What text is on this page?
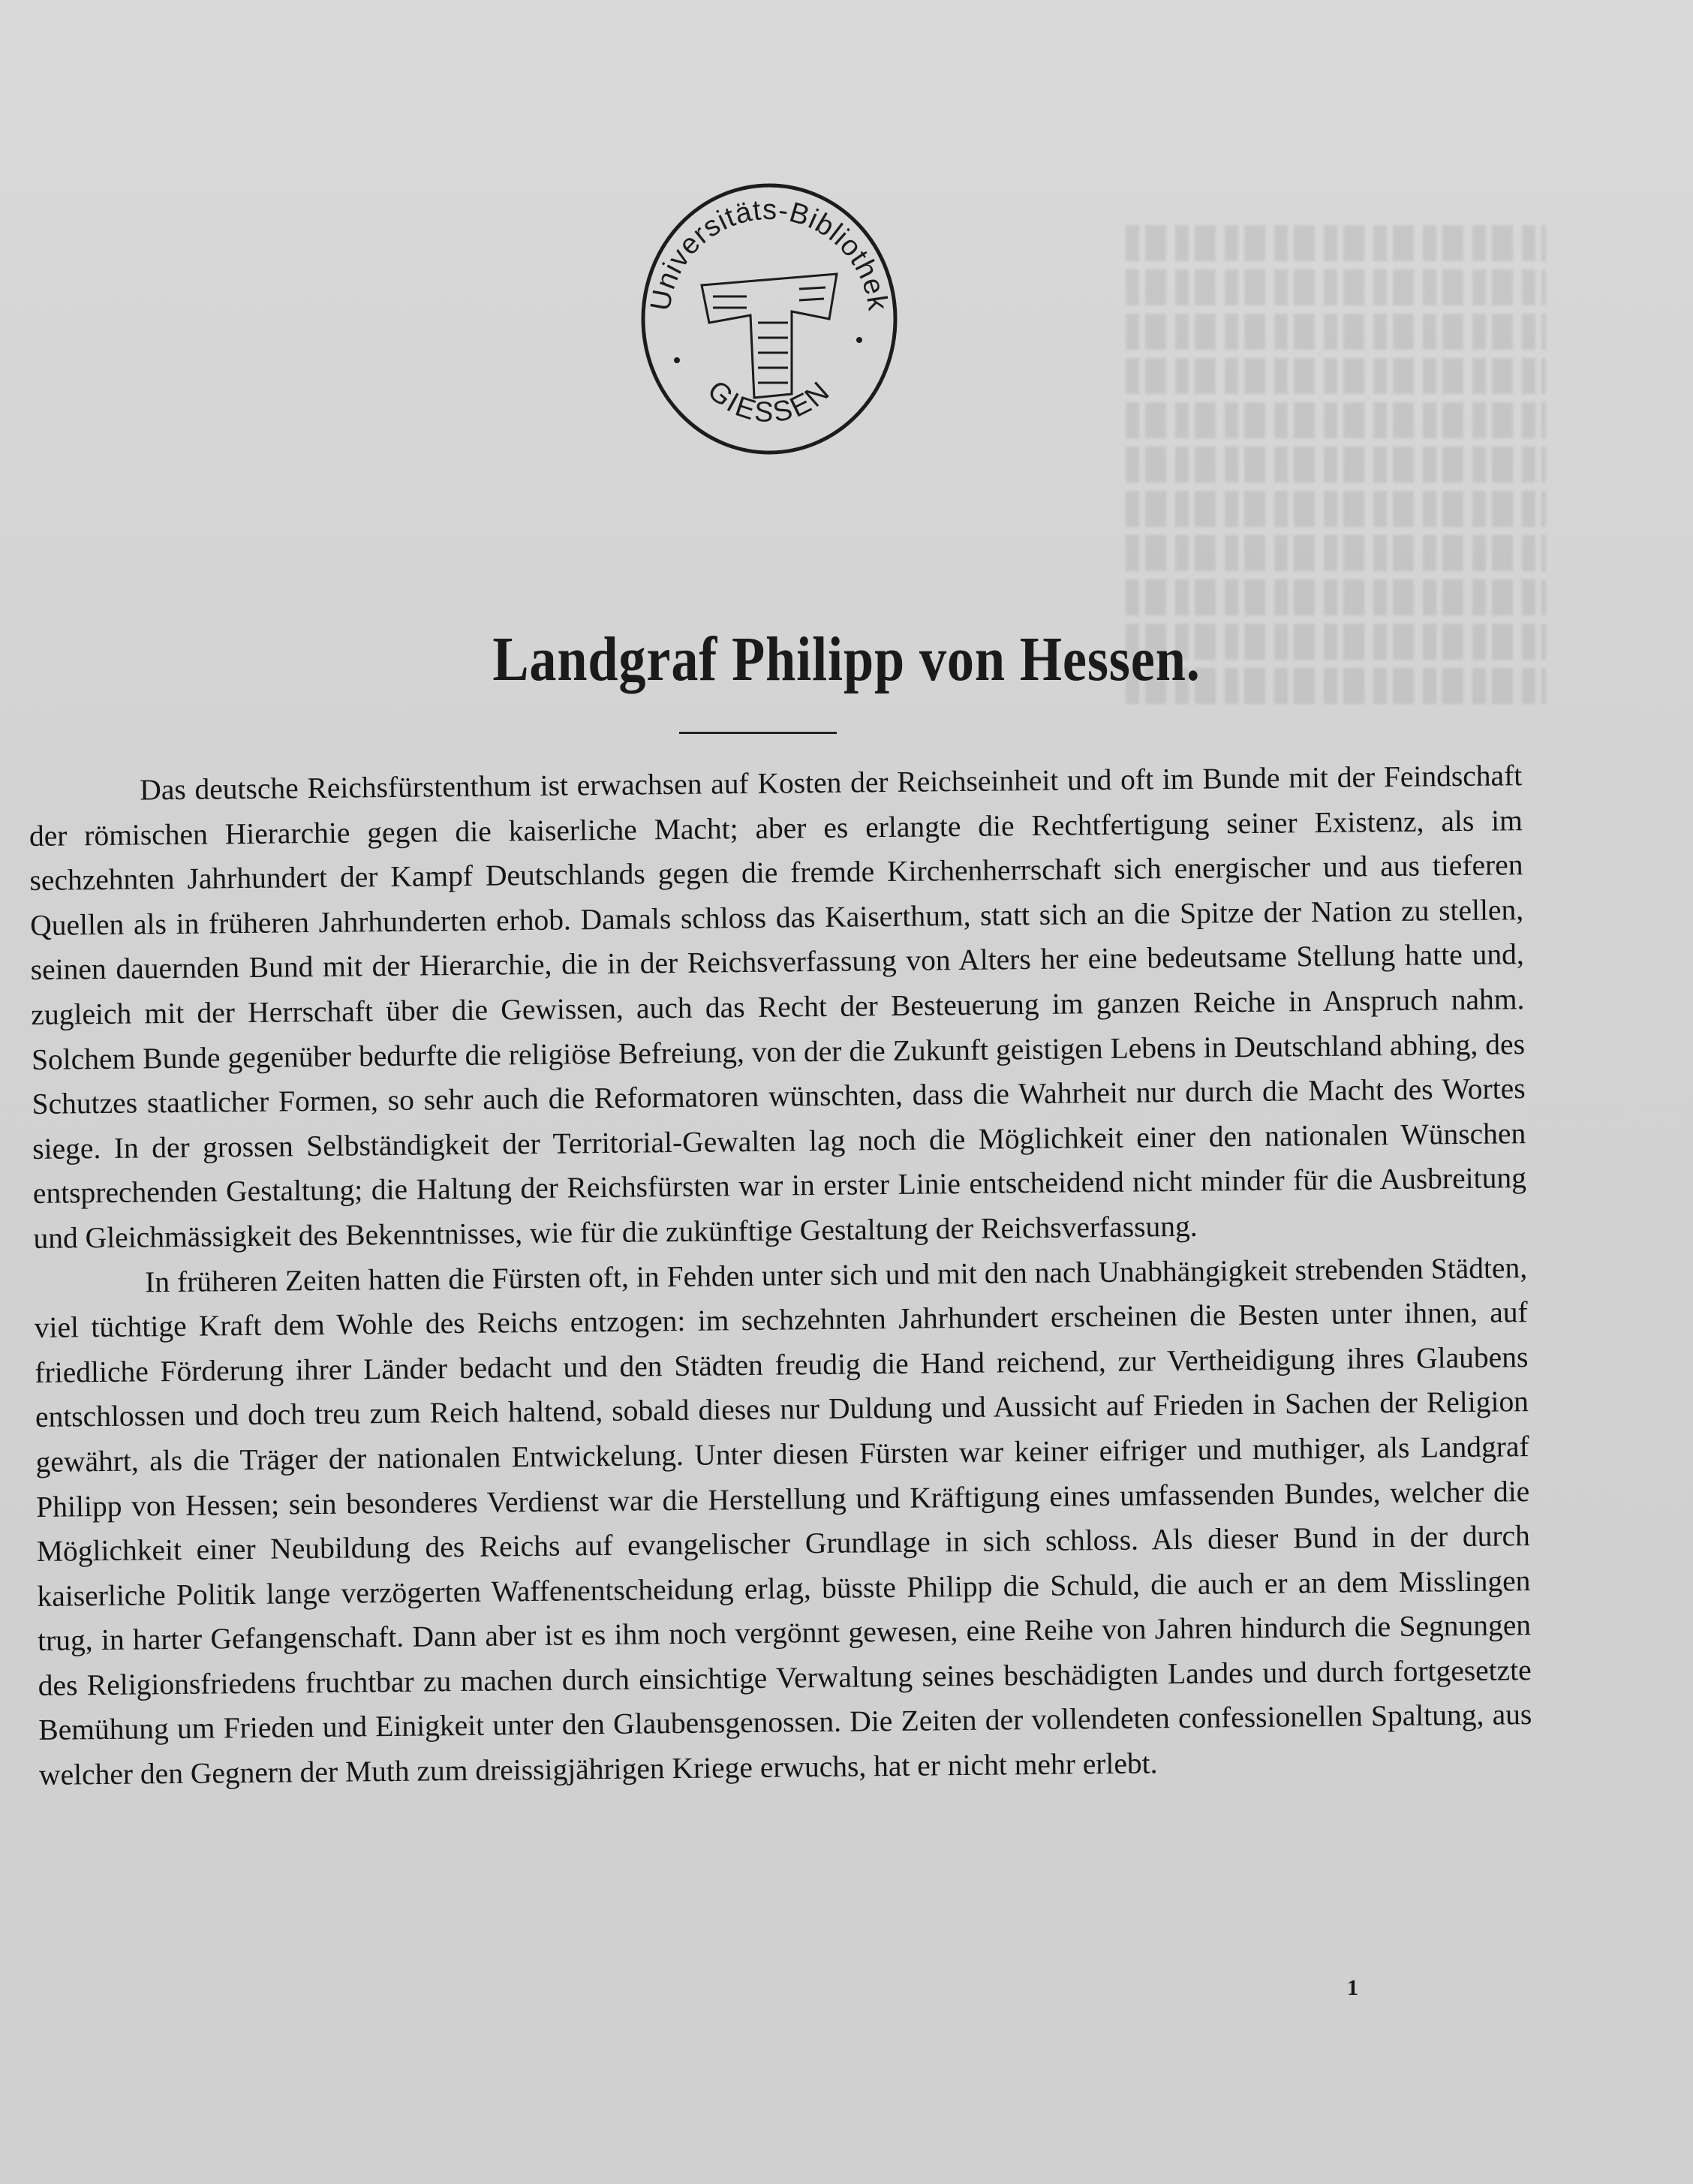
Universitäts-Bibliothek
GIESSEN
Landgraf Philipp von Hessen.

Das deutsche Reichsfürstenthum ist erwachsen auf Kosten der Reichseinheit und oft im Bunde mit der Feindschaft der römischen Hierarchie gegen die kaiserliche Macht; aber es erlangte die Rechtfertigung seiner Existenz, als im sechzehnten Jahrhundert der Kampf Deutschlands gegen die fremde Kirchenherrschaft sich energischer und aus tieferen Quellen als in früheren Jahrhunderten erhob. Damals schloss das Kaiserthum, statt sich an die Spitze der Nation zu stellen, seinen dauernden Bund mit der Hierarchie, die in der Reichsverfassung von Alters her eine bedeutsame Stellung hatte und, zugleich mit der Herrschaft über die Gewissen, auch das Recht der Besteuerung im ganzen Reiche in Anspruch nahm. Solchem Bunde gegenüber bedurfte die religiöse Befreiung, von der die Zukunft geistigen Lebens in Deutschland abhing, des Schutzes staatlicher Formen, so sehr auch die Reformatoren wünschten, dass die Wahrheit nur durch die Macht des Wortes siege. In der grossen Selbständigkeit der Territorial-Gewalten lag noch die Möglichkeit einer den nationalen Wünschen entsprechenden Gestaltung; die Haltung der Reichsfürsten war in erster Linie entscheidend nicht minder für die Ausbreitung und Gleichmässigkeit des Bekenntnisses, wie für die zukünftige Gestaltung der Reichsverfassung.

In früheren Zeiten hatten die Fürsten oft, in Fehden unter sich und mit den nach Unabhängigkeit strebenden Städten, viel tüchtige Kraft dem Wohle des Reichs entzogen: im sechzehnten Jahrhundert erscheinen die Besten unter ihnen, auf friedliche Förderung ihrer Länder bedacht und den Städten freudig die Hand reichend, zur Vertheidigung ihres Glaubens entschlossen und doch treu zum Reich haltend, sobald dieses nur Duldung und Aussicht auf Frieden in Sachen der Religion gewährt, als die Träger der nationalen Entwickelung. Unter diesen Fürsten war keiner eifriger und muthiger, als Landgraf Philipp von Hessen; sein besonderes Verdienst war die Herstellung und Kräftigung eines umfassenden Bundes, welcher die Möglichkeit einer Neubildung des Reichs auf evangelischer Grundlage in sich schloss. Als dieser Bund in der durch kaiserliche Politik lange verzögerten Waffenentscheidung erlag, büsste Philipp die Schuld, die auch er an dem Misslingen trug, in harter Gefangenschaft. Dann aber ist es ihm noch vergönnt gewesen, eine Reihe von Jahren hindurch die Segnungen des Religionsfriedens fruchtbar zu machen durch einsichtige Verwaltung seines beschädigten Landes und durch fortgesetzte Bemühung um Frieden und Einigkeit unter den Glaubensgenossen. Die Zeiten der vollendeten confessionellen Spaltung, aus welcher den Gegnern der Muth zum dreissigjährigen Kriege erwuchs, hat er nicht mehr erlebt.

1
